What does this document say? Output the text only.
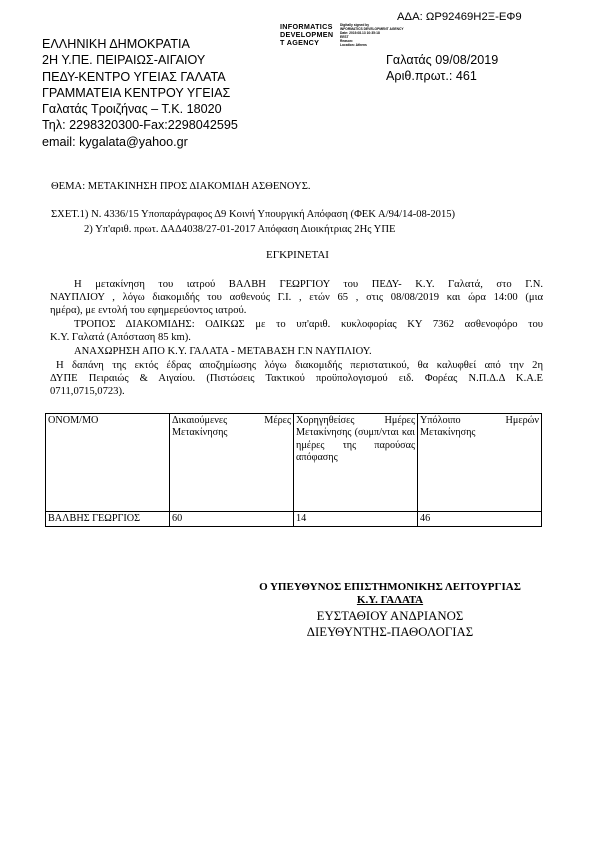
ΑΔΑ: ΩΡ92469Η2Ξ-ΕΦ9
INFORMATICS
DEVELOPMEN
T AGENCY
Digitally signed by
INFORMATICS DEVELOPMENT AGENCY
Date: 2019.08.13 10:35:18
EEST
Reason:
Location: Athens
ΕΛΛΗΝΙΚΗ ΔΗΜΟΚΡΑΤΙΑ
2Η Υ.ΠΕ. ΠΕΙΡΑΙΩΣ-ΑΙΓΑΙΟΥ
ΠΕΔΥ-ΚΕΝΤΡΟ ΥΓΕΙΑΣ ΓΑΛΑΤΑ
ΓΡΑΜΜΑΤΕΙΑ ΚΕΝΤΡΟΥ ΥΓΕΙΑΣ
Γαλατάς Τροιζήνας – Τ.Κ. 18020
Τηλ: 2298320300-Fax:2298042595
email: kygalata@yahoo.gr
Γαλατάς 09/08/2019
Αριθ.πρωτ.: 461
ΘΕΜΑ: ΜΕΤΑΚΙΝΗΣΗ ΠΡΟΣ ΔΙΑΚΟΜΙΔΗ ΑΣΘΕΝΟΥΣ.
ΣΧΕΤ.1) Ν. 4336/15 Υποπαράγραφος Δ9 Κοινή Υπουργική Απόφαση (ΦΕΚ Α/94/14-08-2015)
2) Υπ'αριθ. πρωτ. ΔΑΔ4038/27-01-2017 Απόφαση Διοικήτριας 2Ης ΥΠΕ
ΕΓΚΡΙΝΕΤΑΙ
Η μετακίνηση του ιατρού ΒΑΛΒΗ ΓΕΩΡΓΙΟΥ του ΠΕΔΥ- Κ.Υ. Γαλατά, στο Γ.Ν.
ΝΑΥΠΛΙΟΥ , λόγω διακομιδής του ασθενούς Γ.Ι. , ετών 65 , στις 08/08/2019 και ώρα 14:00 (μια
ημέρα), με εντολή του εφημερεύοντος ιατρού.
ΤΡΟΠΟΣ ΔΙΑΚΟΜΙΔΗΣ: ΟΔΙΚΩΣ με το υπ'αριθ. κυκλοφορίας ΚΥ 7362 ασθενοφόρο του
Κ.Υ. Γαλατά (Απόσταση 85 km).
ΑΝΑΧΩΡΗΣΗ ΑΠΟ Κ.Υ. ΓΑΛΑΤΑ - ΜΕΤΑΒΑΣΗ Γ.Ν ΝΑΥΠΛΙΟΥ.
Η δαπάνη της εκτός έδρας αποζημίωσης λόγω διακομιδής περιστατικού, θα καλυφθεί από την 2η
ΔΥΠΕ Πειραιώς & Αιγαίου. (Πιστώσεις Τακτικού προϋπολογισμού ειδ. Φορέας Ν.Π.Δ.Δ Κ.Α.Ε
0711,0715,0723).
ΟΝΟΜ/ΜΟ	Δικαιούμενες Μέρες Μετακίνησης	Χορηγηθείσες Ημέρες Μετακίνησης (συμπ/νται και ημέρες της παρούσας απόφασης	Υπόλοιπο Ημερών Μετακίνησης
ΒΑΛΒΗΣ ΓΕΩΡΓΙΟΣ	60	14	46
Ο ΥΠΕΥΘΥΝΟΣ ΕΠΙΣΤΗΜΟΝΙΚΗΣ ΛΕΙΤΟΥΡΓΙΑΣ
Κ.Υ. ΓΑΛΑΤΑ
ΕΥΣΤΑΘΙΟΥ ΑΝΔΡΙΑΝΟΣ
ΔΙΕΥΘΥΝΤΗΣ-ΠΑΘΟΛΟΓΙΑΣ
